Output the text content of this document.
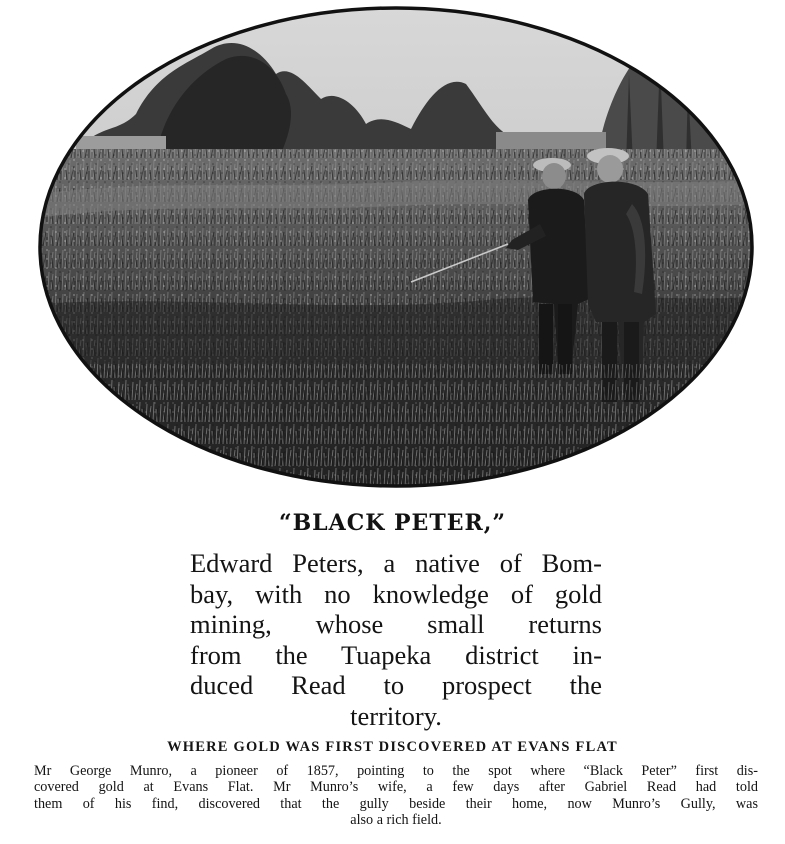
“BLACK PETER,”
Edward Peters, a native of Bom-
bay, with no knowledge of gold
mining, whose small returns
from the Tuapeka district in-
duced Read to prospect the
territory.
WHERE GOLD WAS FIRST DISCOVERED AT EVANS FLAT
Mr George Munro, a pioneer of 1857, pointing to the spot where “Black Peter” first dis-
covered gold at Evans Flat. Mr Munro’s wife, a few days after Gabriel Read had told
them of his find, discovered that the gully beside their home, now Munro’s Gully, was
also a rich field.
